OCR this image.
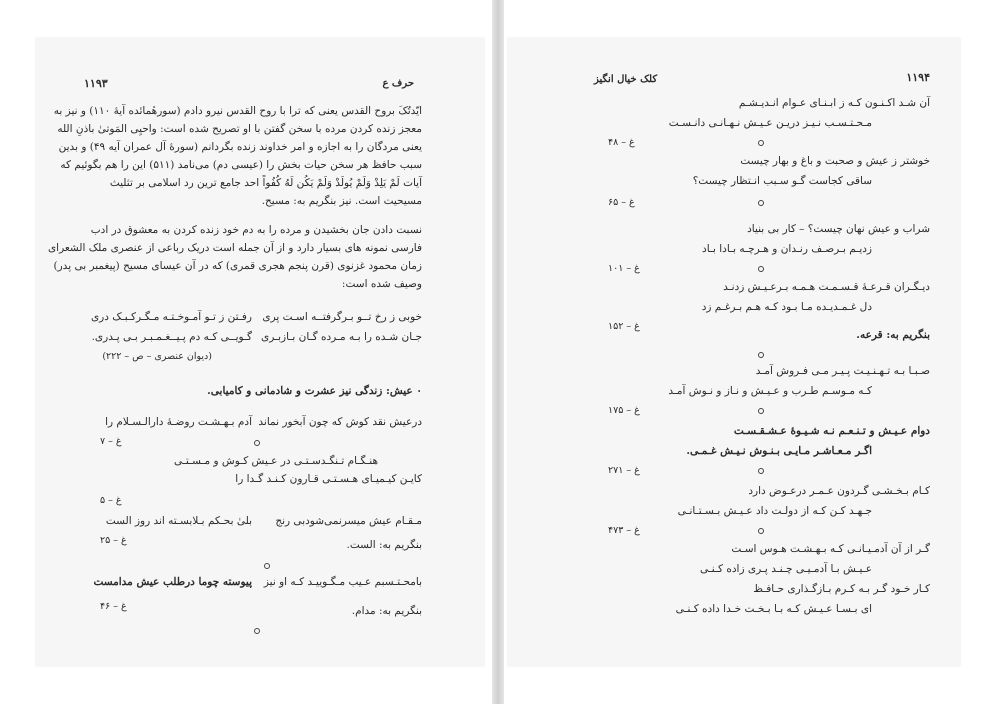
۱۱۹۳	حرف ع
ایّدتُکَ بروح القدس یعنی که ترا با روح القدس نیرو دادم (سورهٔمائده آیهٔ ۱۱۰) و نیز به
معجز زنده کردن مرده با سخن گفتن با او تصریح شده است: واحیِی المَوتیٰ باذنِ الله
یعنی مردگان را به اجازه و امر خداوند زنده بگردانم (سورهٔ آل عمران آیه ۴۹) و بدین
سبب حافظ هر سخن حیات بخش را (عیسی دم) می‌نامد (۵۱۱) این را هم بگوئیم که
آیات لَمْ یَلِدْ وَلَمْ یُولَدْ وَلَمْ یَکُن لَهُ کُفُواً احد جامع ترین رد اسلامی بر تثلیث
مسیحیت است. نیز بنگریم به: مسیح.
نسبت دادن جان بخشیدن و مرده را به دم خود زنده کردن به معشوق در ادب
فارسی نمونه های بسیار دارد و از آن جمله است دریک رباعی از عنصری ملک الشعرای
زمان محمود غزنوی (قرن پنجم هجری قمری) که در آن عیسای مسیح (پیغمبر بی پدر)
وصیف شده است:
خوبی ز رخ تــو بـرگرفتــه اسـت پری
رفـتن ز تـو آمـوخـتـه مـگـرکـبـک دری
جـان شـده را بـه مـرده گـان بـازبـری
گـویــی کـه دم پـیــغـمـبـر بـی پـدری.
(دیوان عنصری – ص – ۲۲۲)
۰ عیش: زندگی نیز عشرت و شادمانی و کامیابی.
درعیش نقد کوش که چون آبخور نماند
آدم بـهـشـت روضـهٔ دارالـسـلام را
غ – ۷
هنـگـام تـنگـدسـتـی در عـیش کـوش و مـسـتـی
کایـن کیـمیـای هـسـتـی قـارون کـنـد گـدا را
غ – ۵
مـقـام عیش میسرنمی‌شودبی رنج
بلیٰ بحـکم بـلابسـته اند روز الست
غ – ۲۵	بنگریم به: الست.
بامحـتـسبم عـیب مـگـوییـد کـه او نیز
پیوسته چوما درطلب عیش مدامست
غ – ۴۶	بنگریم به: مدام.
۱۱۹۴
کلک خیال انگیز
آن شـد اکـنـون کـه ز ابـنـای عـوام انـدیـشـم
مـحـتـسـب نـیـز دریـن عـیـش نـهـانـی دانـسـت
غ – ۴۸
خوشتر ز عیش و صحبت و باغ و بهار چیست
ساقی کجاست گـو سـبب انـتظار چیست؟
غ – ۶۵
شراب و عیش نهان چیست؟ – کار بی بنیاد
زدیـم بـرصـف رنـدان و هـرچـه بـادا بـاد
غ – ۱۰۱
دیـگـران قـرعـهٔ قـسـمـت هـمـه بـرعـیـش زدنـد
دل غـمـدیـده مـا بـود کـه هـم بـرغـم زد
غ – ۱۵۲
بنگریم به: قرعه.
صـبـا بـه تـهـنـیـت پـیـر مـی فـروش آمـد
کـه مـوسـم طـرب و عـیـش و نـاز و نـوش آمـد
غ – ۱۷۵
دوام عـیـش و تـنـعـم نـه شـیـوهٔ عـشـقـسـت
اگـر مـعـاشـر مـایـی بـنـوش نـیـش غـمـی.
غ – ۲۷۱
کـام بـخـشـی گـردون عـمـر درعـوض دارد
جـهـد کـن کـه از دولـت داد عـیـش بـسـتـانـی
غ – ۴۷۳
گـر از آن آدمـیـانـی کـه بـهـشـت هـوس اسـت
عـیـش بـا آدمـیـی چـنـد پـری زاده کـنـی
کـار خـود گـر بـه کـرم بـازگـذاری حـافـظ
ای بـسـا عـیـش کـه بـا بـخـت خـدا داده کـنـی
